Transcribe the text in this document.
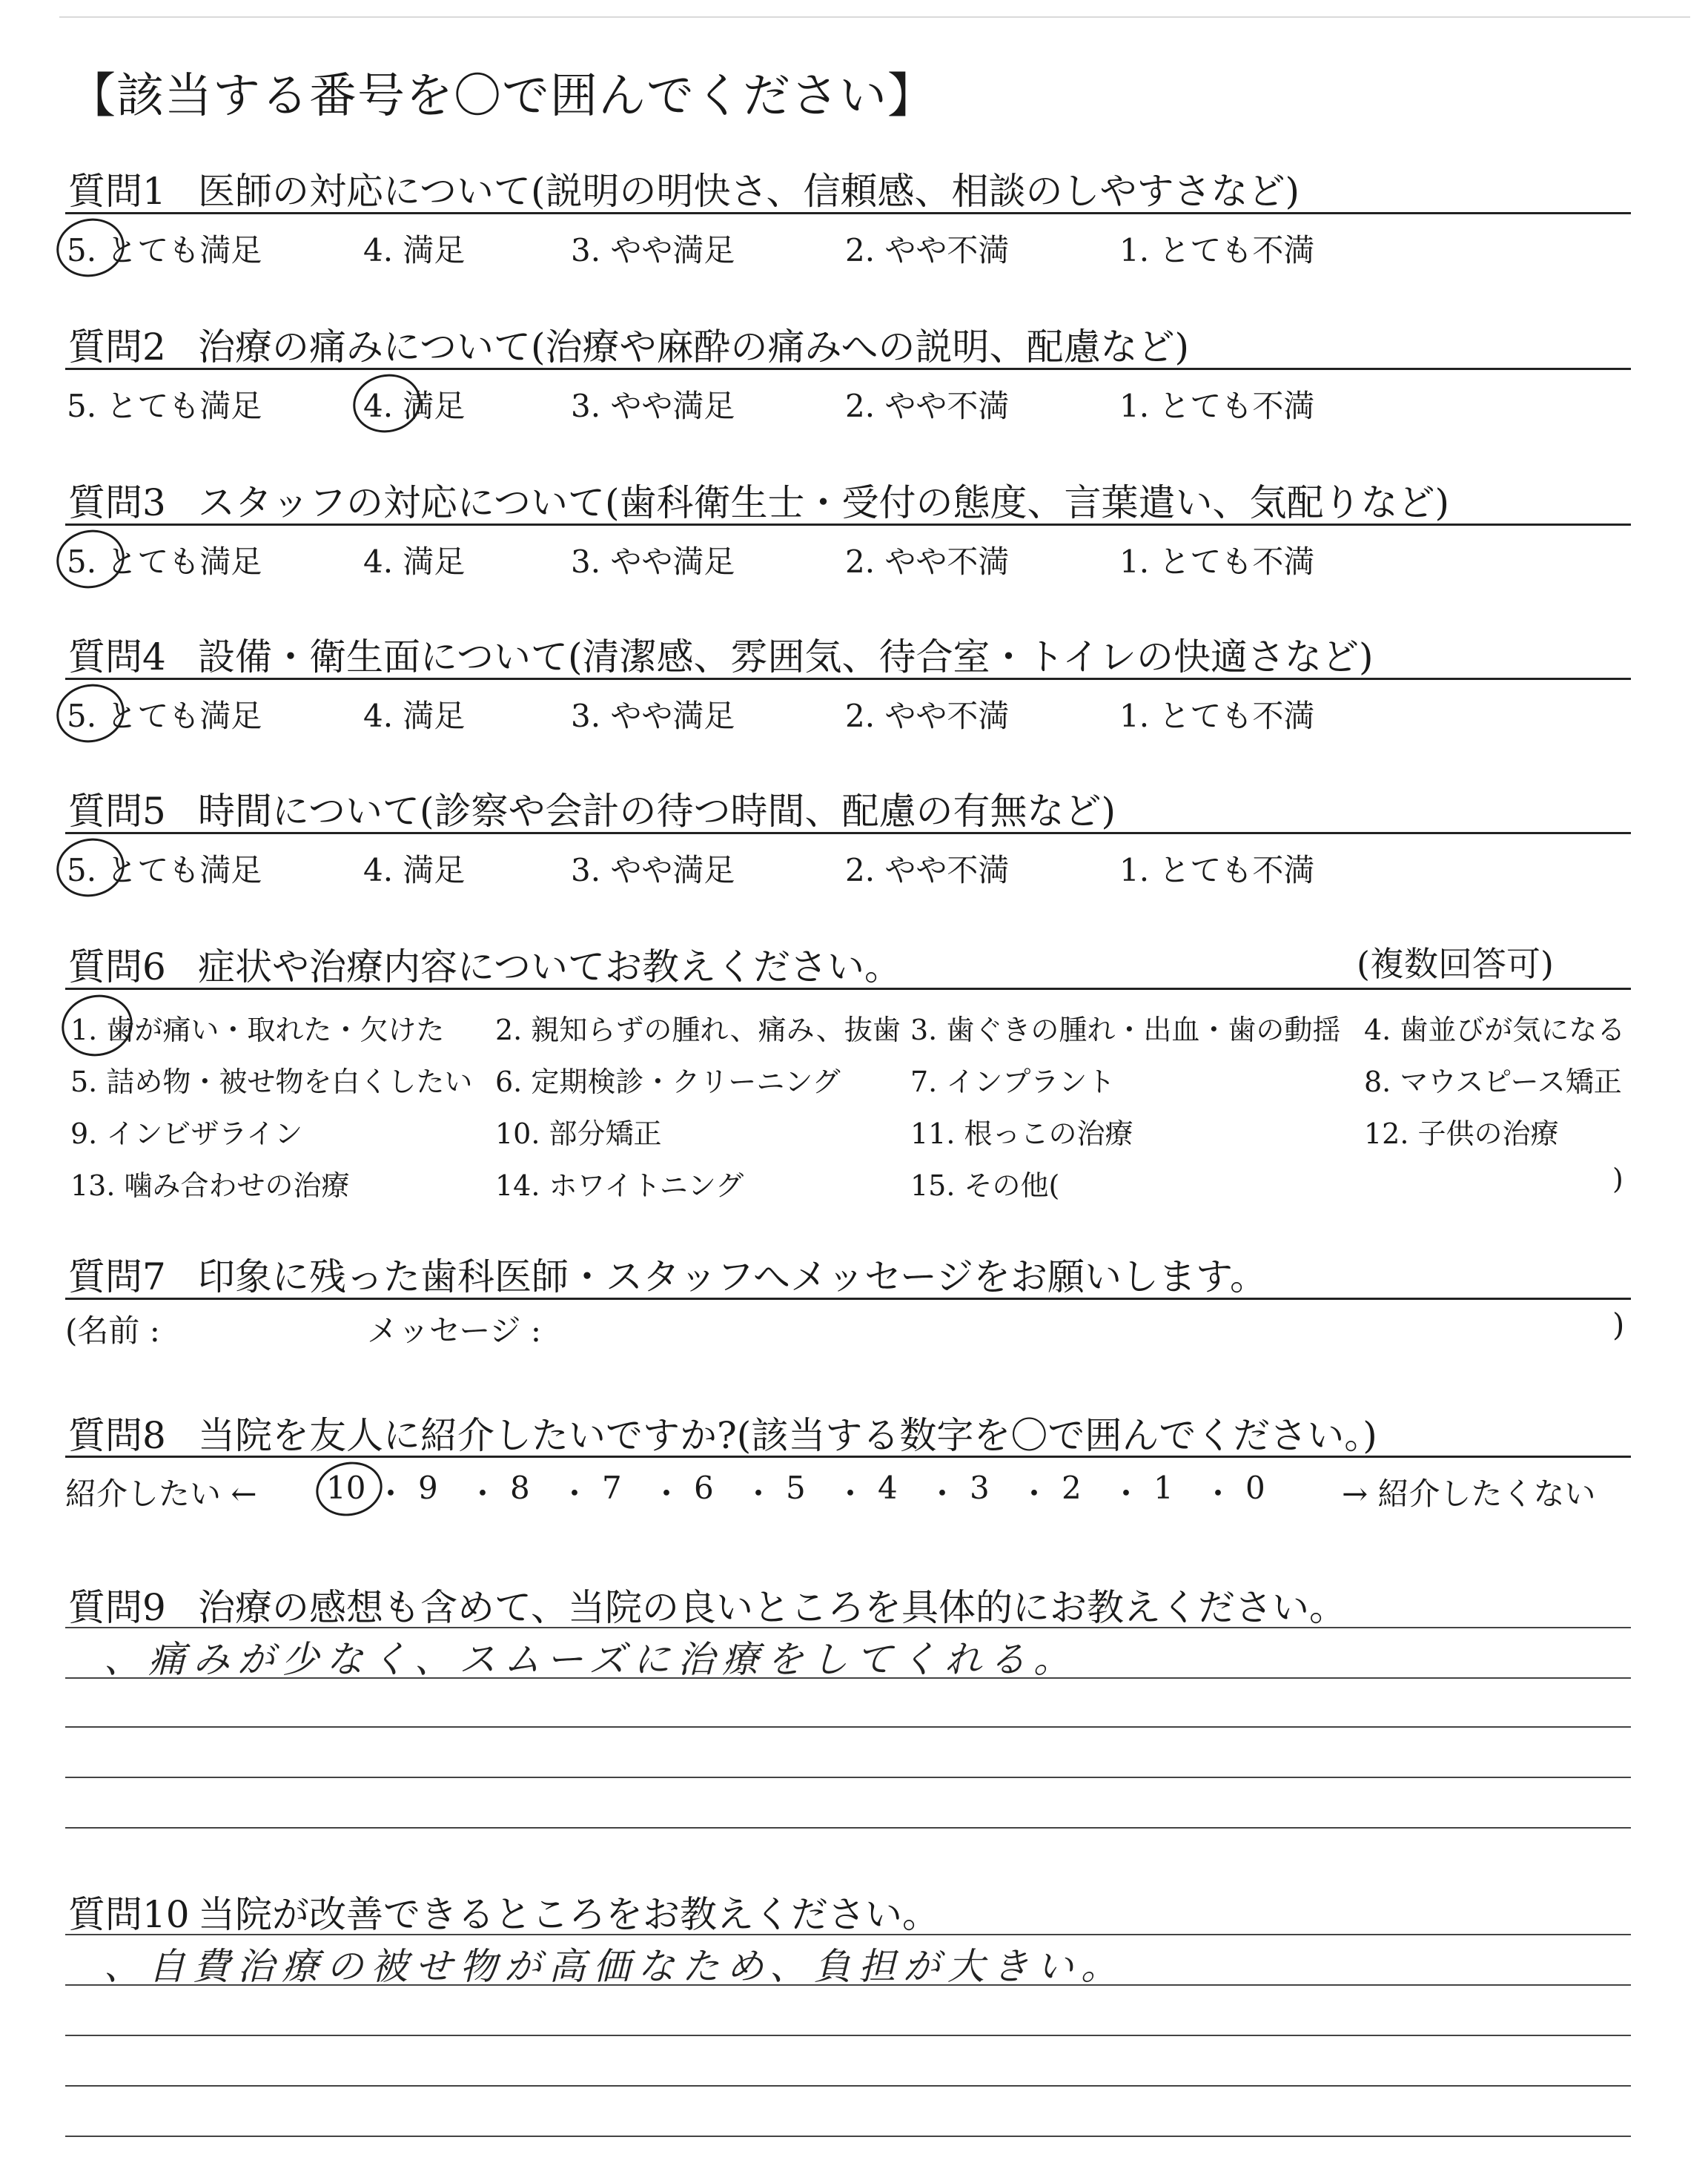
【該当する番号を〇で囲んでください】
質問1 医師の対応について(説明の明快さ、信頼感、相談のしやすさなど)
質問2 治療の痛みについて(治療や麻酔の痛みへの説明、配慮など)
質問3 スタッフの対応について(歯科衛生士・受付の態度、言葉遣い、気配りなど)
質問4 設備・衛生面について(清潔感、雰囲気、待合室・トイレの快適さなど)
質問5 時間について(診察や会計の待つ時間、配慮の有無など)
質問6 症状や治療内容についてお教えください。	(複数回答可)
質問7 印象に残った歯科医師・スタッフへメッセージをお願いします。
(名前 :	メッセージ :	)
質問8 当院を友人に紹介したいですか?(該当する数字を〇で囲んでください。)
紹介したい ←	→ 紹介したくない
質問9 治療の感想も含めて、当院の良いところを具体的にお教えください。
、痛みが少なく、スムーズに治療をしてくれる。
質問10 当院が改善できるところをお教えください。
、自費治療の被せ物が高価なため、負担が大きい。
5. とても満足	4. 満足	3. やや満足	2. やや不満	1. とても不満
5. とても満足	4. 満足	3. やや満足	2. やや不満	1. とても不満
5. とても満足	4. 満足	3. やや満足	2. やや不満	1. とても不満
5. とても満足	4. 満足	3. やや満足	2. やや不満	1. とても不満
5. とても満足	4. 満足	3. やや満足	2. やや不満	1. とても不満
1. 歯が痛い・取れた・欠けた 2. 親知らずの腫れ、痛み、抜歯 3. 歯ぐきの腫れ・出血・歯の動揺 4. 歯並びが気になる
5. 詰め物・被せ物を白くしたい 6. 定期検診・クリーニング 7. インプラント	8. マウスピース矯正
9. インビザライン	10. 部分矯正	11. 根っこの治療	12. 子供の治療
13. 噛み合わせの治療	14. ホワイトニング	15. その他(	)
10 ・ 9 ・ 8 ・ 7 ・ 6 ・ 5 ・ 4 ・ 3 ・ 2 ・ 1 ・ 0
